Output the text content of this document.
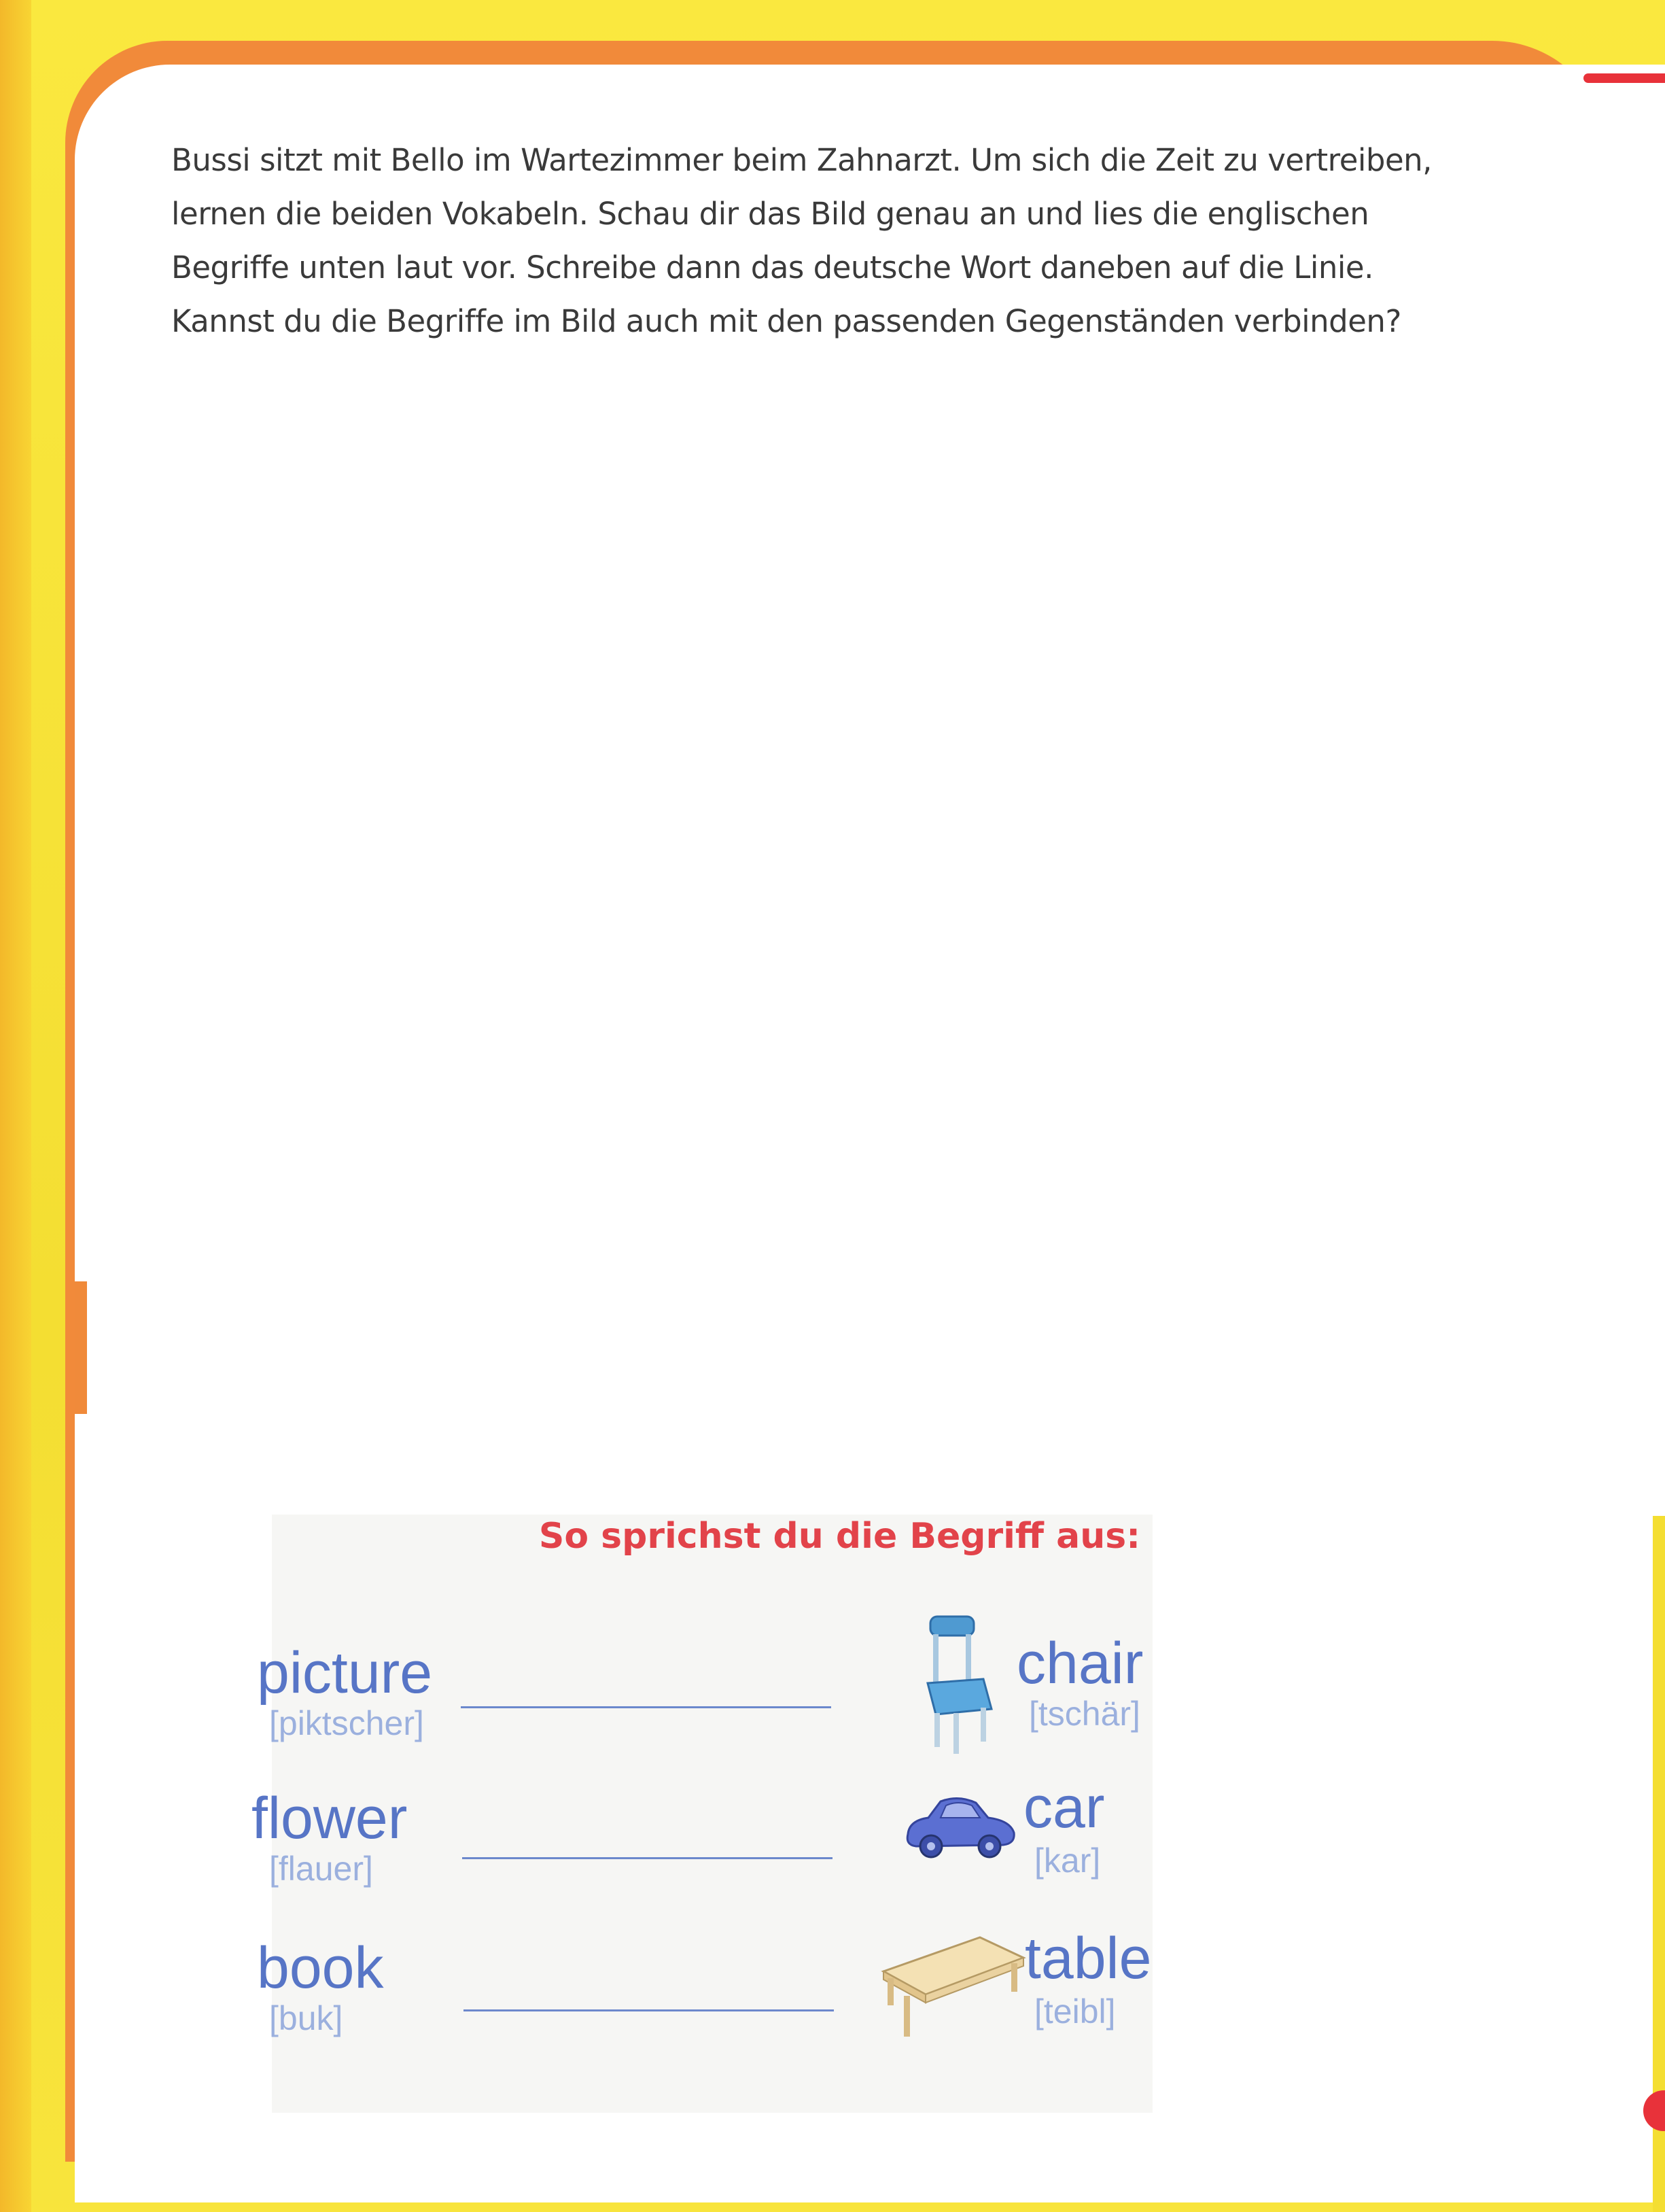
Bussi sitzt mit Bello im Wartezimmer beim Zahnarzt. Um sich die Zeit zu vertreiben,
lernen die beiden Vokabeln. Schau dir das Bild genau an und lies die englischen
Begriffe unten laut vor. Schreibe dann das deutsche Wort daneben auf die Linie.
Kannst du die Begriffe im Bild auch mit den passenden Gegenständen verbinden?
So sprichst du die Begriff aus:
picture
[piktscher]
flower
[flauer]
book
[buk]
chair
[tschär]
car
[kar]
table
[teibl]
